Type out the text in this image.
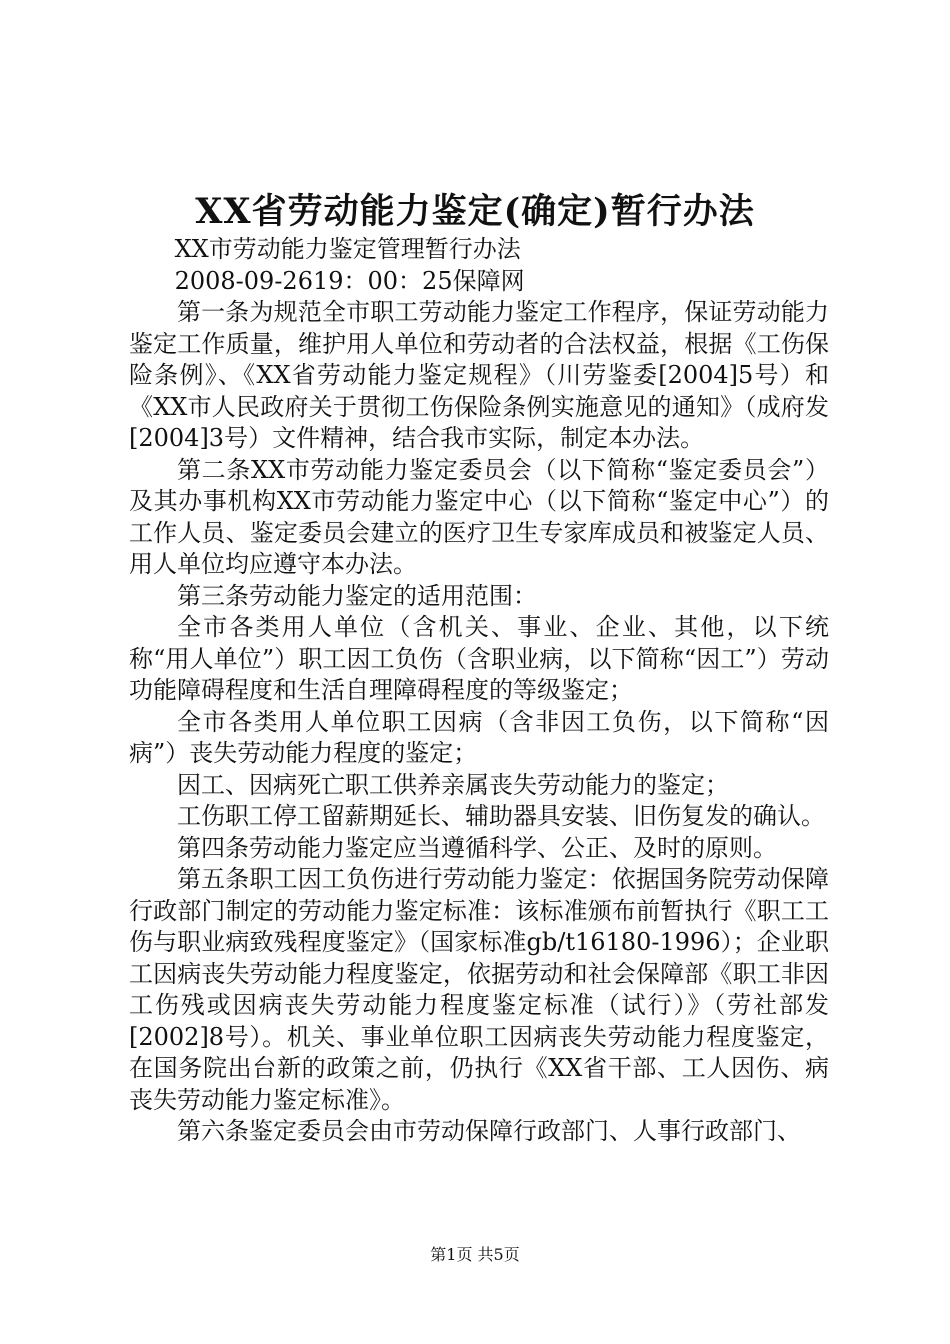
XX省劳动能力鉴定(确定)暂行办法

XX市劳动能力鉴定管理暂行办法

2008-09-2619：00：25保障网

第一条为规范全市职工劳动能力鉴定工作程序，保证劳动能力鉴定工作质量，维护用人单位和劳动者的合法权益，根据《工伤保险条例》、《XX省劳动能力鉴定规程》（川劳鉴委[2004]5号）和《XX市人民政府关于贯彻工伤保险条例实施意见的通知》（成府发[2004]3号）文件精神，结合我市实际，制定本办法。

第二条XX市劳动能力鉴定委员会（以下简称“鉴定委员会”）及其办事机构XX市劳动能力鉴定中心（以下简称“鉴定中心”）的工作人员、鉴定委员会建立的医疗卫生专家库成员和被鉴定人员、用人单位均应遵守本办法。

第三条劳动能力鉴定的适用范围：

全市各类用人单位（含机关、事业、企业、其他，以下统称“用人单位”）职工因工负伤（含职业病，以下简称“因工”）劳动功能障碍程度和生活自理障碍程度的等级鉴定；

全市各类用人单位职工因病（含非因工负伤，以下简称“因病”）丧失劳动能力程度的鉴定；

因工、因病死亡职工供养亲属丧失劳动能力的鉴定；

工伤职工停工留薪期延长、辅助器具安装、旧伤复发的确认。

第四条劳动能力鉴定应当遵循科学、公正、及时的原则。

第五条职工因工负伤进行劳动能力鉴定：依据国务院劳动保障行政部门制定的劳动能力鉴定标准：该标准颁布前暂执行《职工工伤与职业病致残程度鉴定》（国家标准gb/t16180-1996）；企业职工因病丧失劳动能力程度鉴定，依据劳动和社会保障部《职工非因工伤残或因病丧失劳动能力程度鉴定标准（试行）》（劳社部发[2002]8号）。机关、事业单位职工因病丧失劳动能力程度鉴定，在国务院出台新的政策之前，仍执行《XX省干部、工人因伤、病丧失劳动能力鉴定标准》。

第六条鉴定委员会由市劳动保障行政部门、人事行政部门、

第1页 共5页
